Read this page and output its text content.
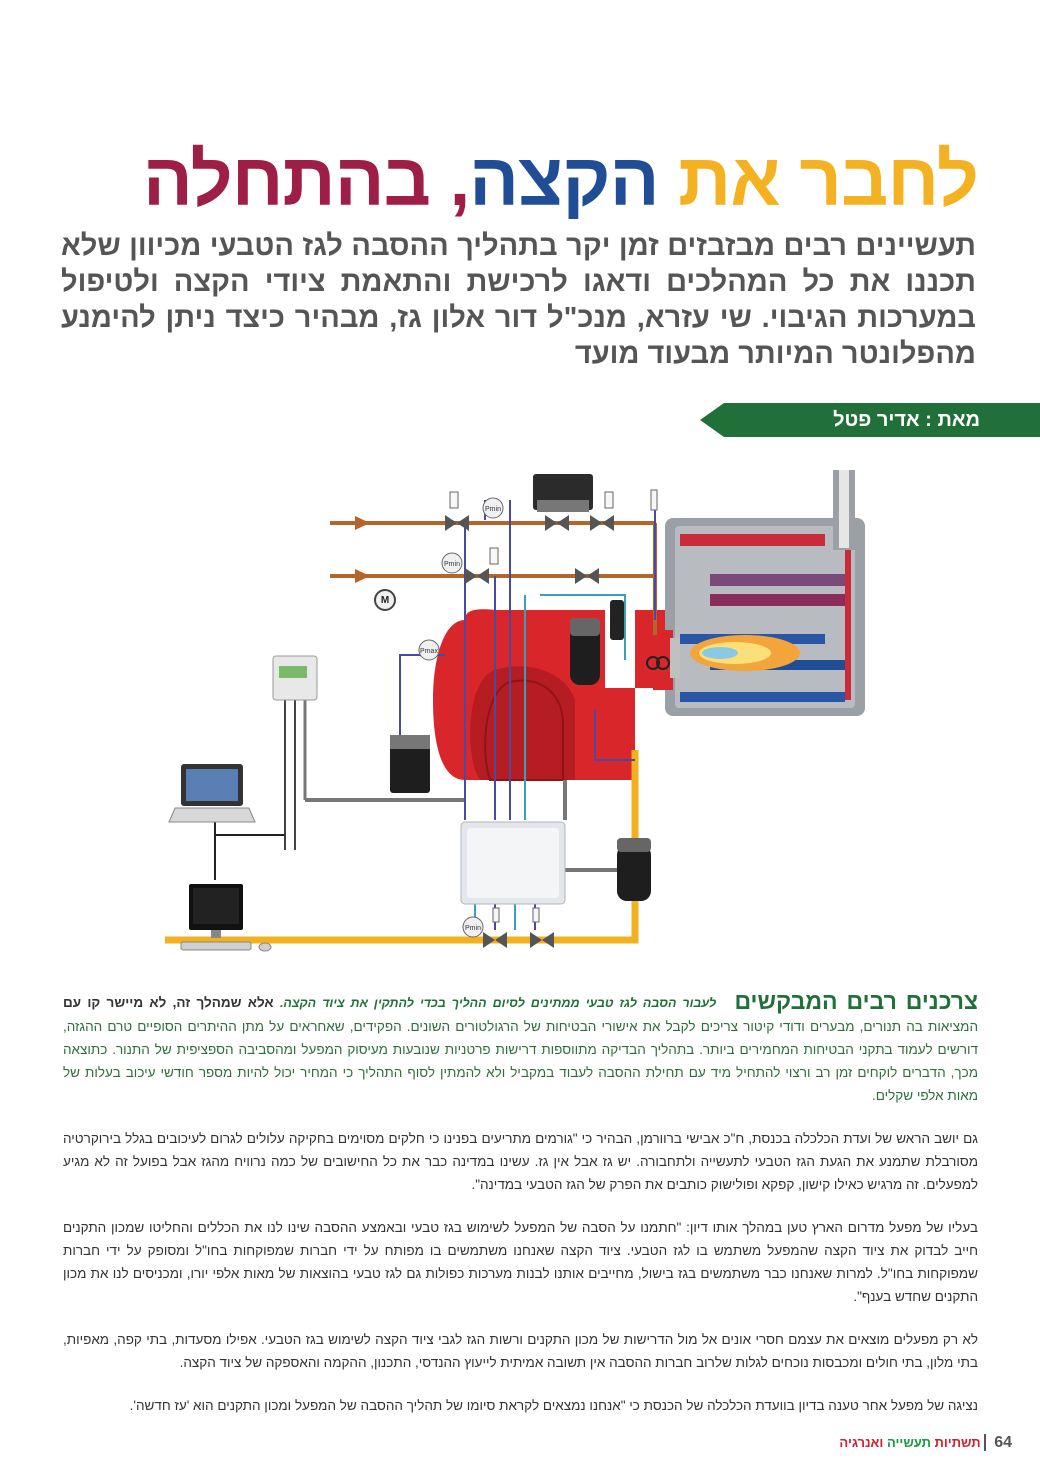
לחבר את הקצה, בהתחלה
תעשיינים רבים מבזבזים זמן יקר בתהליך ההסבה לגז הטבעי מכיוון שלא תכננו את כל המהלכים ודאגו לרכישת והתאמת ציודי הקצה ולטיפול במערכות הגיבוי. שי עזרא, מנכ"ל דור אלון גז, מבהיר כיצד ניתן להימנע מהפלונטר המיותר מבעוד מועד
מאת : אדיר פטל
Pmin
Pmin
Pmax
Pmin
M

צרכנים רבים המבקשים לעבור הסבה לגז טבעי ממתינים לסיום ההליך בכדי להתקין את ציוד הקצה. אלא שמהלך זה, לא מיישר קו עם המציאות בה תנורים, מבערים ודודי קיטור צריכים לקבל את אישורי הבטיחות של הרגולטורים השונים. הפקידים, שאחראים על מתן ההיתרים הסופיים טרם ההגזה, דורשים לעמוד בתקני הבטיחות המחמירים ביותר. בתהליך הבדיקה מתווספות דרישות פרטניות שנובעות מעיסוק המפעל ומהסביבה הספציפית של התנור. כתוצאה מכך, הדברים לוקחים זמן רב ורצוי להתחיל מיד עם תחילת ההסבה לעבוד במקביל ולא להמתין לסוף התהליך כי המחיר יכול להיות מספר חודשי עיכוב בעלות של מאות אלפי שקלים.

גם יושב הראש של ועדת הכלכלה בכנסת, ח"כ אבישי ברוורמן, הבהיר כי "גורמים מתריעים בפנינו כי חלקים מסוימים בחקיקה עלולים לגרום לעיכובים בגלל בירוקרטיה מסורבלת שתמנע את הגעת הגז הטבעי לתעשייה ולתחבורה. יש גז אבל אין גז. עשינו במדינה כבר את כל החישובים של כמה נרוויח מהגז אבל בפועל זה לא מגיע למפעלים. זה מרגיש כאילו קישון, קפקא ופולישוק כותבים את הפרק של הגז הטבעי במדינה".

בעליו של מפעל מדרום הארץ טען במהלך אותו דיון: "חתמנו על הסבה של המפעל לשימוש בגז טבעי ובאמצע ההסבה שינו לנו את הכללים והחליטו שמכון התקנים חייב לבדוק את ציוד הקצה שהמפעל משתמש בו לגז הטבעי. ציוד הקצה שאנחנו משתמשים בו מפותח על ידי חברות שמפוקחות בחו"ל ומסופק על ידי חברות שמפוקחות בחו"ל. למרות שאנחנו כבר משתמשים בגז בישול, מחייבים אותנו לבנות מערכות כפולות גם לגז טבעי בהוצאות של מאות אלפי יורו, ומכניסים לנו את מכון התקנים שחדש בענף".

לא רק מפעלים מוצאים את עצמם חסרי אונים אל מול הדרישות של מכון התקנים ורשות הגז לגבי ציוד הקצה לשימוש בגז הטבעי. אפילו מסעדות, בתי קפה, מאפיות, בתי מלון, בתי חולים ומכבסות נוכחים לגלות שלרוב חברות ההסבה אין תשובה אמיתית לייעוץ ההנדסי, התכנון, ההקמה והאספקה של ציוד הקצה.

נציגה של מפעל אחר טענה בדיון בוועדת הכלכלה של הכנסת כי "אנחנו נמצאים לקראת סיומו של תהליך ההסבה של המפעל ומכון התקנים הוא 'עז חדשה'.

64 תשתיות תעשייה ואנרגיה
